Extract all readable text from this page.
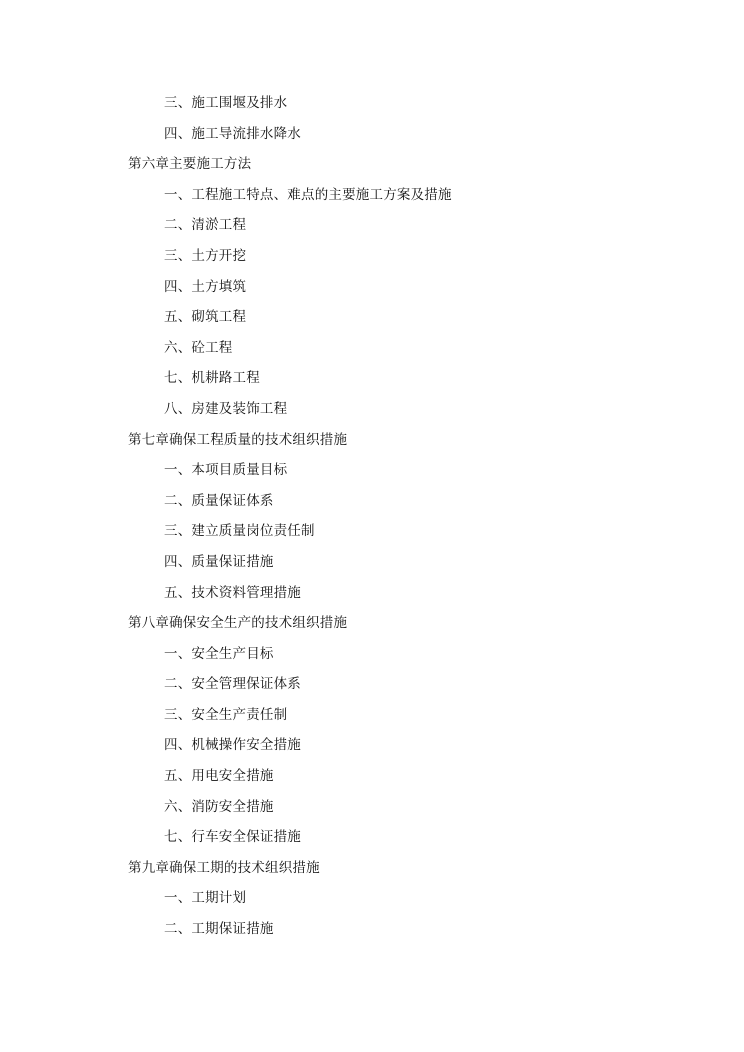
三、施工围堰及排水
四、施工导流排水降水
第六章主要施工方法
一、工程施工特点、难点的主要施工方案及措施
二、清淤工程
三、土方开挖
四、土方填筑
五、砌筑工程
六、砼工程
七、机耕路工程
八、房建及装饰工程
第七章确保工程质量的技术组织措施
一、本项目质量目标
二、质量保证体系
三、建立质量岗位责任制
四、质量保证措施
五、技术资料管理措施
第八章确保安全生产的技术组织措施
一、安全生产目标
二、安全管理保证体系
三、安全生产责任制
四、机械操作安全措施
五、用电安全措施
六、消防安全措施
七、行车安全保证措施
第九章确保工期的技术组织措施
一、工期计划
二、工期保证措施
